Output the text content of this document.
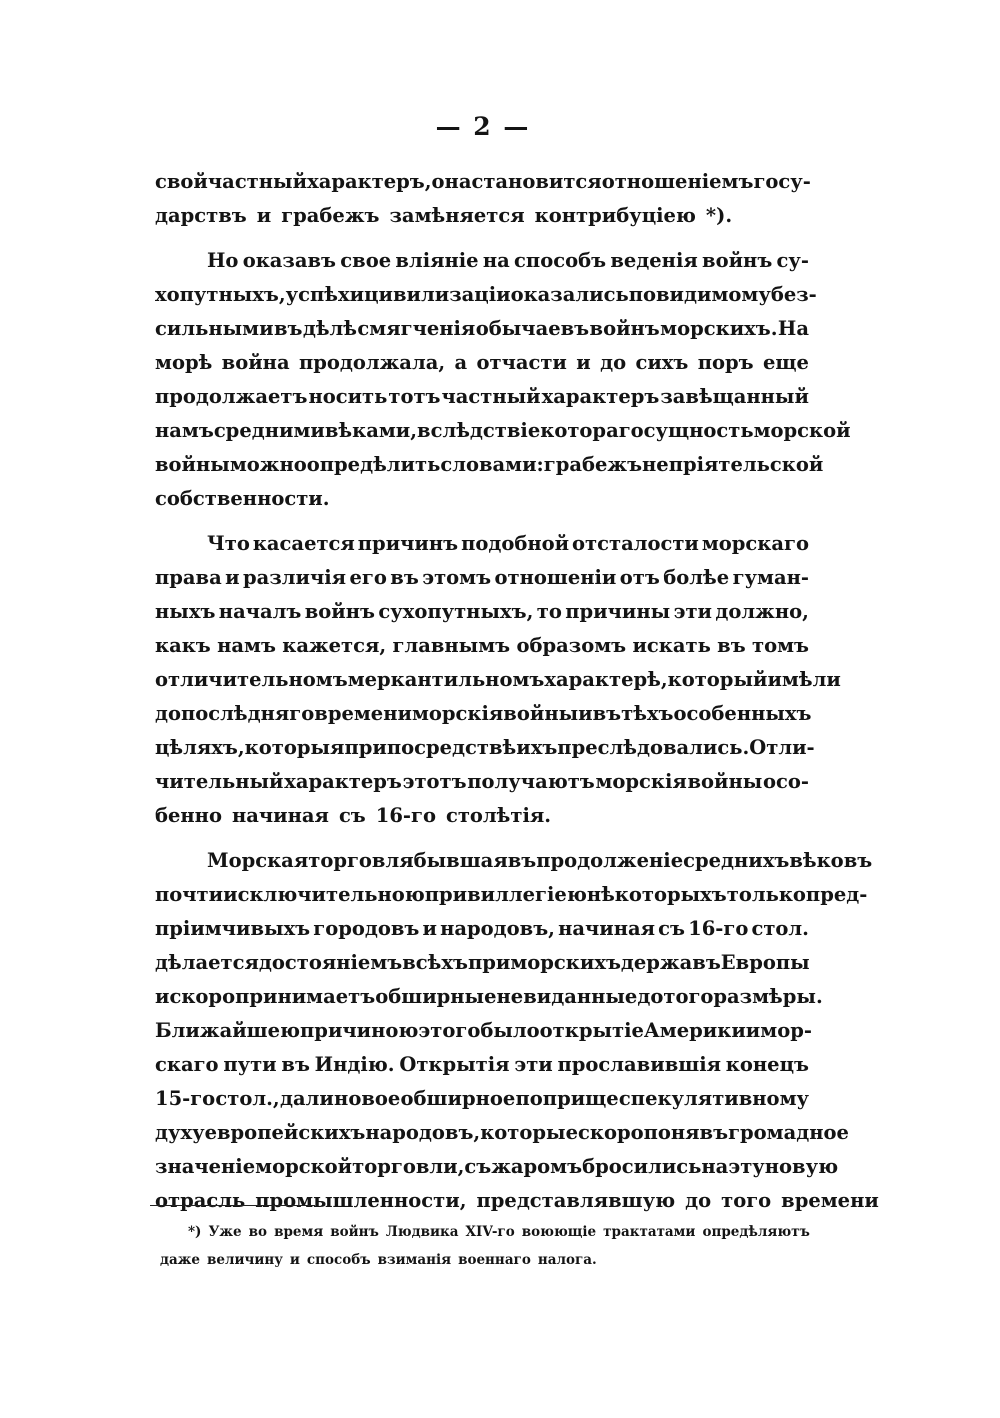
— 2 —
свой частный характеръ, она становится отношеніемъ госу-
дарствъ и грабежъ замѣняется контрибуціею *).
Но оказавъ свое вліяніе на способъ веденія войнъ су-
хопутныхъ, успѣхи цивилизаціи оказались повидимому без-
сильными въ дѣлѣ смягченія обычаевъ войнъ морскихъ. На
морѣ война продолжала, а отчасти и до сихъ поръ еще
продолжаетъ носить тотъ частный характеръ завѣщанный
намъ средними вѣками, вслѣдствіе котораго сущность морской
войны можно опредѣлить словами: грабежъ непріятельской
собственности.
Что касается причинъ подобной отсталости морскаго
права и различія его въ этомъ отношеніи отъ болѣе гуман-
ныхъ началъ войнъ сухопутныхъ, то причины эти должно,
какъ намъ кажется, главнымъ образомъ искать въ томъ
отличительномъ меркантильномъ характерѣ, который имѣли
до послѣдняго времени морскія войны и въ тѣхъ особенныхъ
цѣляхъ, которыя при посредствѣ ихъ преслѣдовались. Отли-
чительный характеръ этотъ получаютъ морскія войны осо-
бенно начиная съ 16-го столѣтія.
Морская торговля бывшая въ продолженіе среднихъ вѣковъ
почти исключительною привиллегіею нѣкоторыхъ только пред-
пріимчивыхъ городовъ и народовъ, начиная съ 16-го стол.
дѣлается достояніемъ всѣхъ приморскихъ державъ Европы
и скоро принимаетъ обширные невиданные до того размѣры.
Ближайшею причиною этого было открытіе Америки и мор-
скаго пути въ Индію. Открытія эти прославившія конецъ
15-го стол., дали новое обширное поприще спекулятивному
духу европейскихъ народовъ, которые скоро понявъ громадное
значеніе морской торговли, съ жаромъ бросились на эту новую
отрасль промышленности, представлявшую до того времени
*) Уже во время войнъ Людвика XIV-го воюющіе трактатами опредѣляютъ
даже величину и способъ взиманія военнаго налога.
